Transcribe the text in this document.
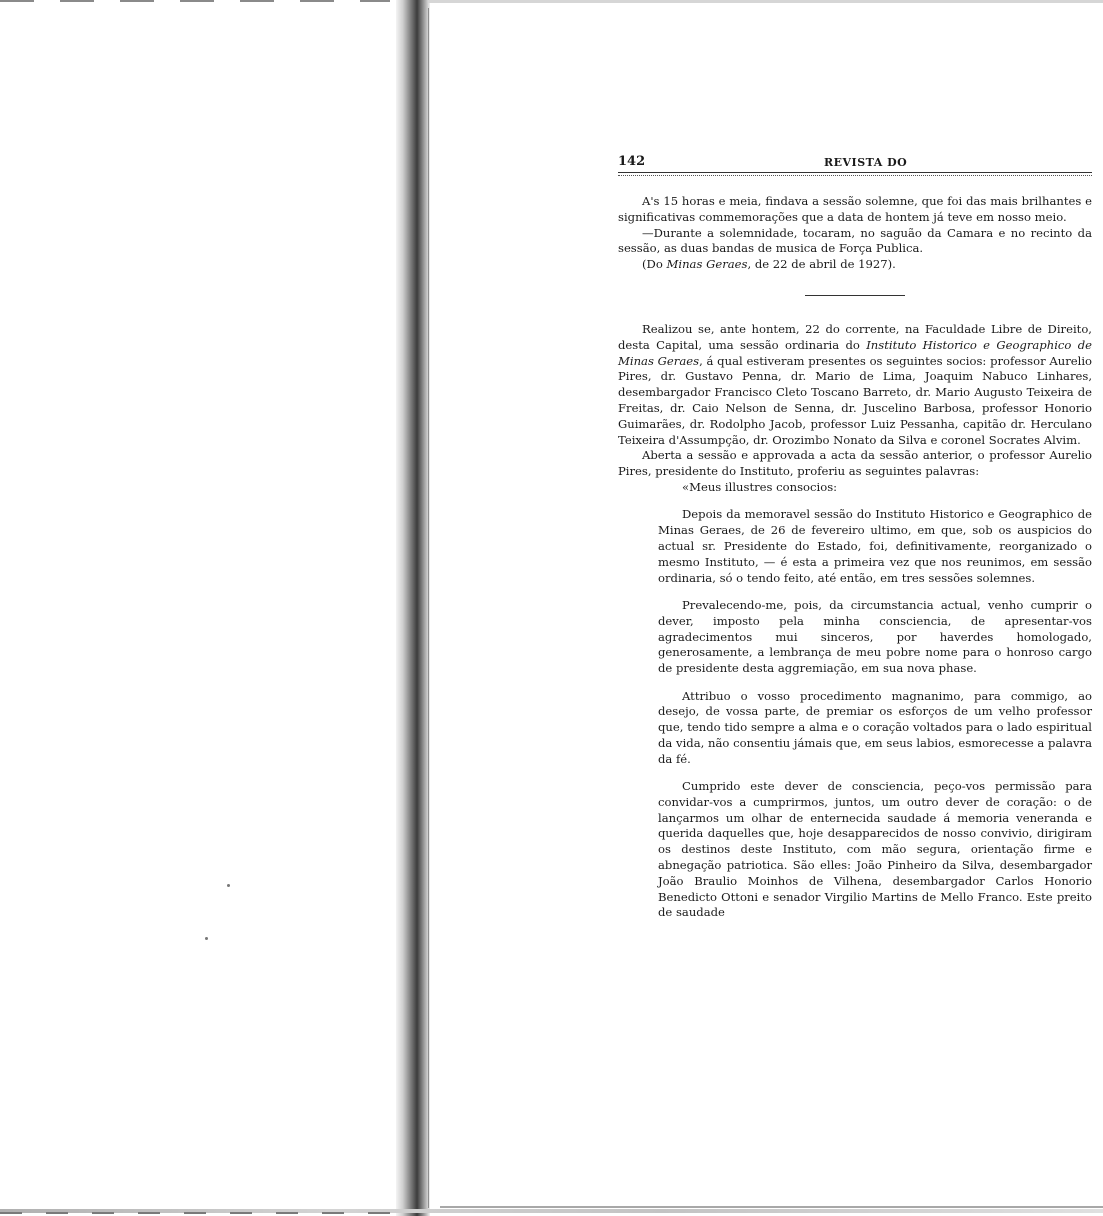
142	REVISTA DO

A's 15 horas e meia, findava a sessão solemne, que foi das mais brilhantes e significativas commemorações que a data de hontem já teve em nosso meio.

—Durante a solemnidade, tocaram, no saguão da Camara e no recinto da sessão, as duas bandas de musica de Força Publica.

(Do Minas Geraes, de 22 de abril de 1927).

Realizou se, ante hontem, 22 do corrente, na Faculdade Libre de Direito, desta Capital, uma sessão ordinaria do Instituto Historico e Geographico de Minas Geraes, á qual estiveram presentes os seguintes socios: professor Aurelio Pires, dr. Gustavo Penna, dr. Mario de Lima, Joaquim Nabuco Linhares, desembargador Francisco Cleto Toscano Barreto, dr. Mario Augusto Teixeira de Freitas, dr. Caio Nelson de Senna, dr. Juscelino Barbosa, professor Honorio Guimarães, dr. Rodolpho Jacob, professor Luiz Pessanha, capitão dr. Herculano Teixeira d'Assumpção, dr. Orozimbo Nonato da Silva e coronel Socrates Alvim.

Aberta a sessão e approvada a acta da sessão anterior, o professor Aurelio Pires, presidente do Instituto, proferiu as seguintes palavras:

«Meus illustres consocios:

Depois da memoravel sessão do Instituto Historico e Geographico de Minas Geraes, de 26 de fevereiro ultimo, em que, sob os auspicios do actual sr. Presidente do Estado, foi, definitivamente, reorganizado o mesmo Instituto, — é esta a primeira vez que nos reunimos, em sessão ordinaria, só o tendo feito, até então, em tres sessões solemnes.

Prevalecendo-me, pois, da circumstancia actual, venho cumprir o dever, imposto pela minha consciencia, de apresentar-vos agradecimentos mui sinceros, por haverdes homologado, generosamente, a lembrança de meu pobre nome para o honroso cargo de presidente desta aggremiação, em sua nova phase.

Attribuo o vosso procedimento magnanimo, para commigo, ao desejo, de vossa parte, de premiar os esforços de um velho professor que, tendo tido sempre a alma e o coração voltados para o lado espiritual da vida, não consentiu jámais que, em seus labios, esmorecesse a palavra da fé.

Cumprido este dever de consciencia, peço-vos permissão para convidar-vos a cumprirmos, juntos, um outro dever de coração: o de lançarmos um olhar de enternecida saudade á memoria veneranda e querida daquelles que, hoje desapparecidos de nosso convivio, dirigiram os destinos deste Instituto, com mão segura, orientação firme e abnegação patriotica. São elles: João Pinheiro da Silva, desembargador João Braulio Moinhos de Vilhena, desembargador Carlos Honorio Benedicto Ottoni e senador Virgilio Martins de Mello Franco. Este preito de saudade
